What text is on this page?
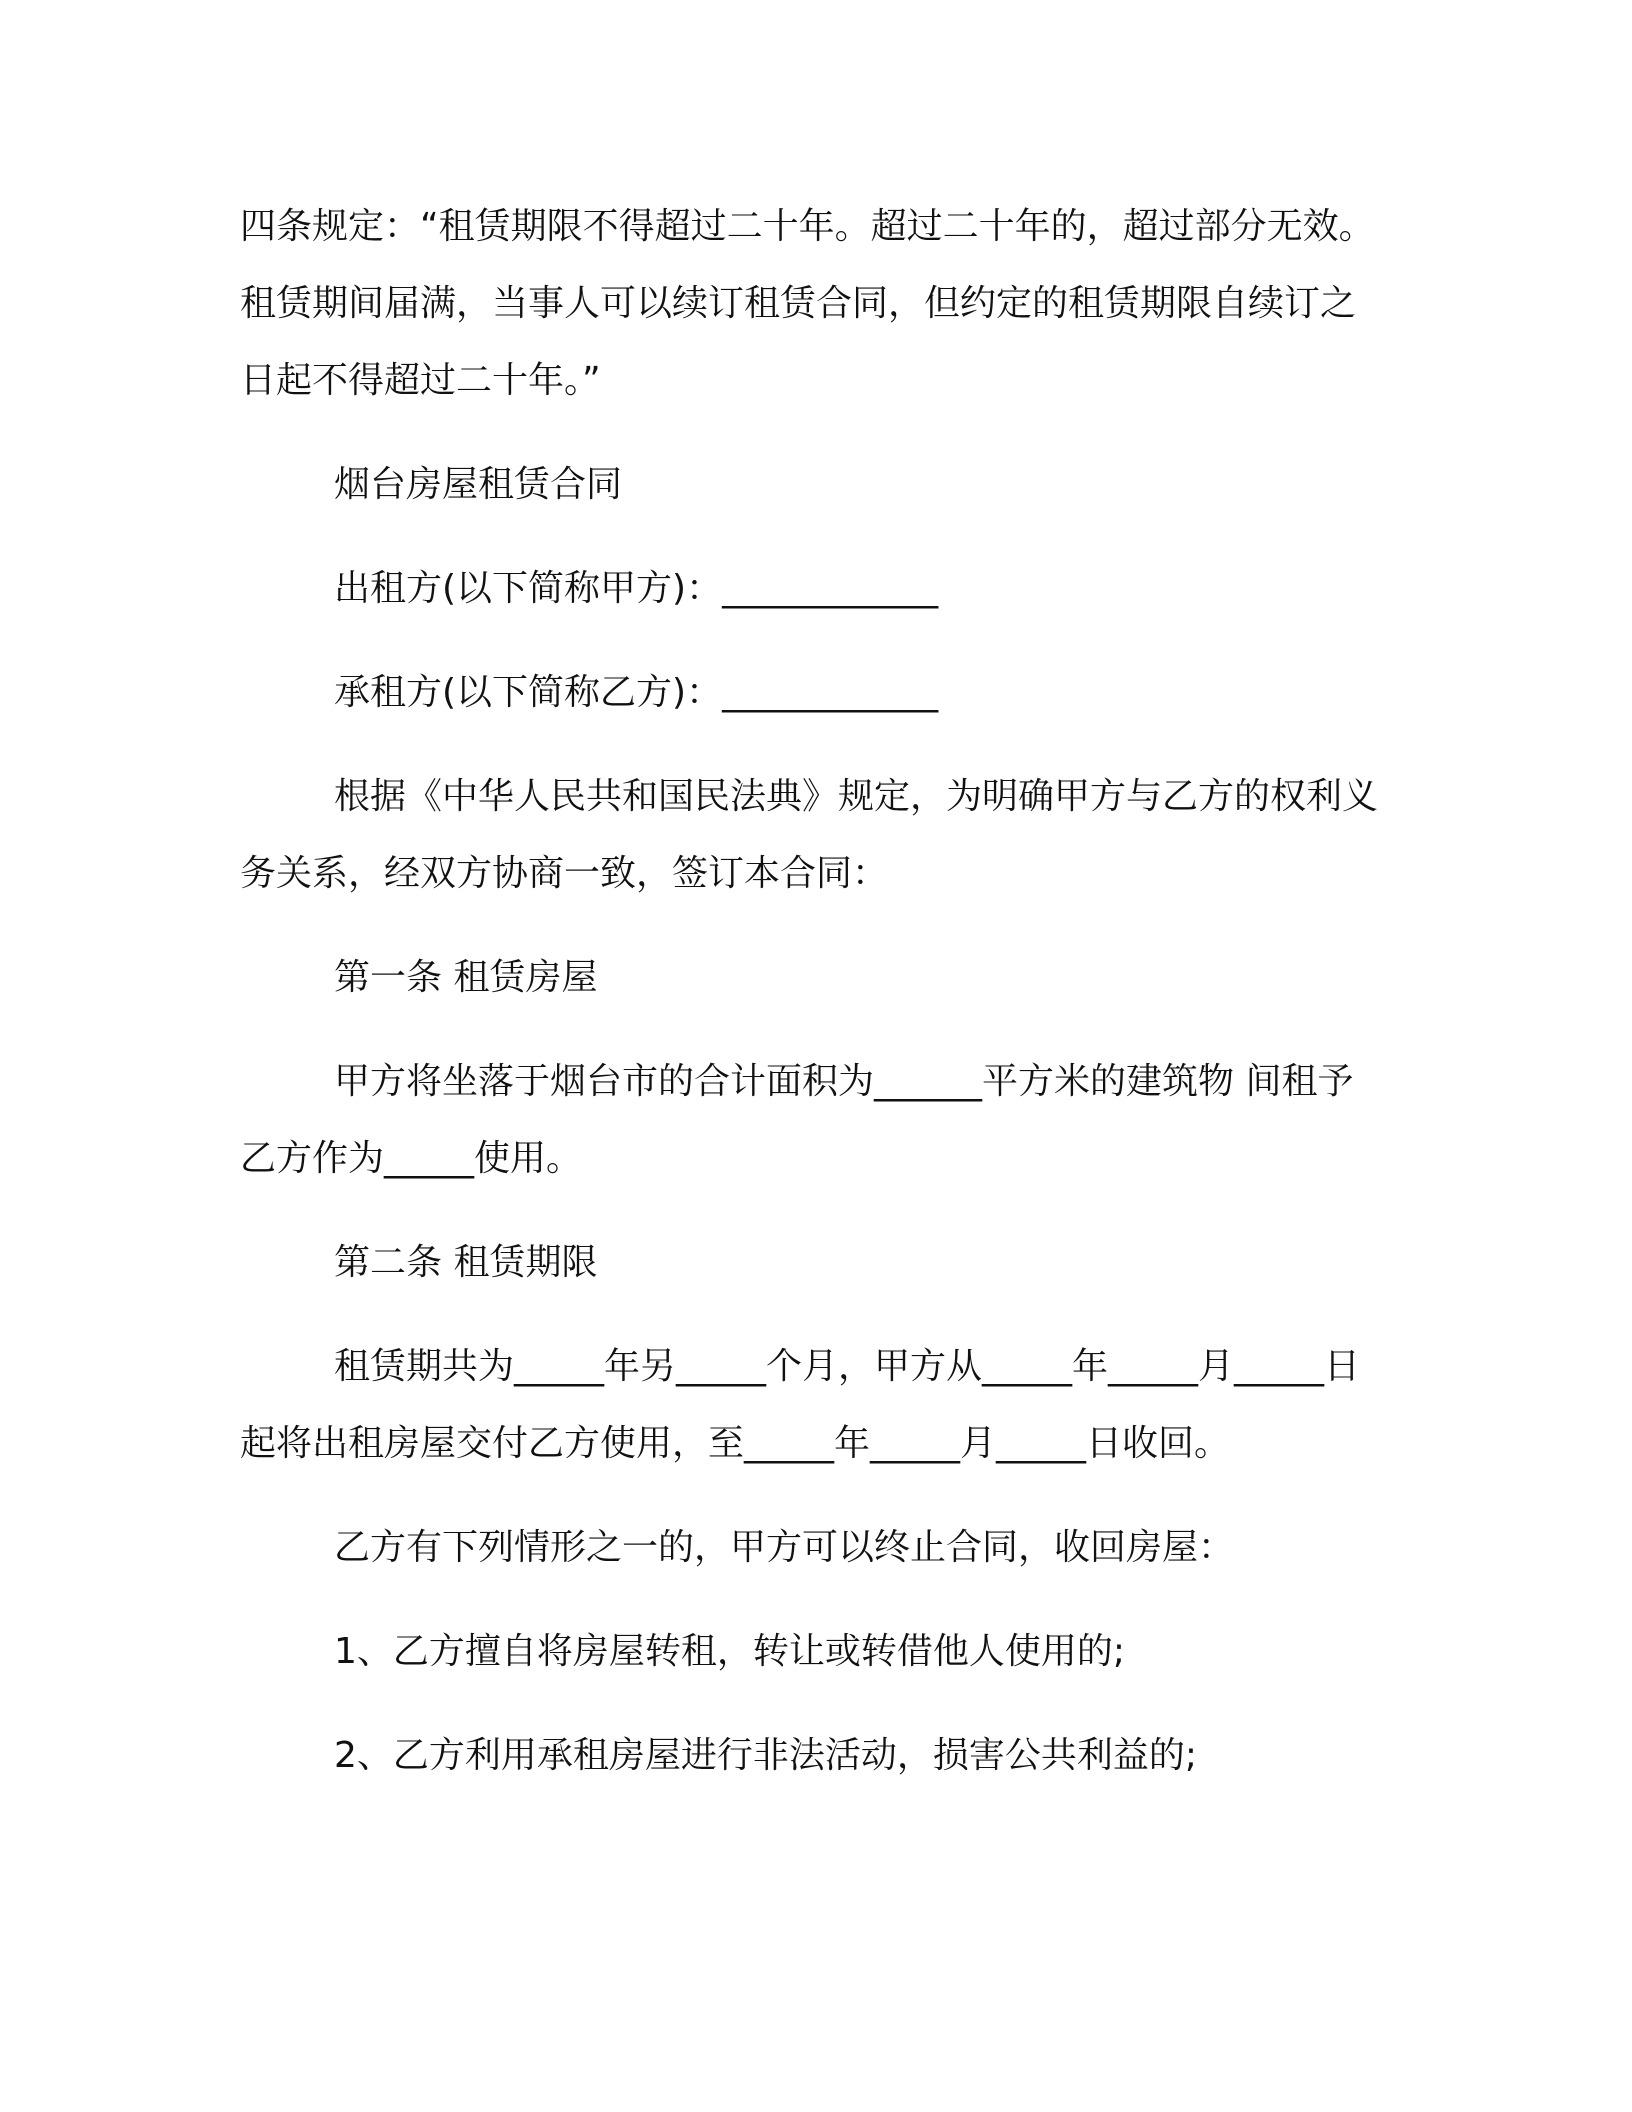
四条规定：“租赁期限不得超过二十年。超过二十年的，超过部分无效。租赁期间届满，当事人可以续订租赁合同，但约定的租赁期限自续订之日起不得超过二十年。”

烟台房屋租赁合同

出租方(以下简称甲方)：____________

承租方(以下简称乙方)：____________

根据《中华人民共和国民法典》规定，为明确甲方与乙方的权利义务关系，经双方协商一致，签订本合同：

第一条 租赁房屋

甲方将坐落于烟台市的合计面积为______平方米的建筑物 间租予乙方作为_____使用。

第二条 租赁期限

租赁期共为_____年另_____个月，甲方从_____年_____月_____日起将出租房屋交付乙方使用，至_____年_____月_____日收回。

乙方有下列情形之一的，甲方可以终止合同，收回房屋：

1、乙方擅自将房屋转租，转让或转借他人使用的;

2、乙方利用承租房屋进行非法活动，损害公共利益的;
